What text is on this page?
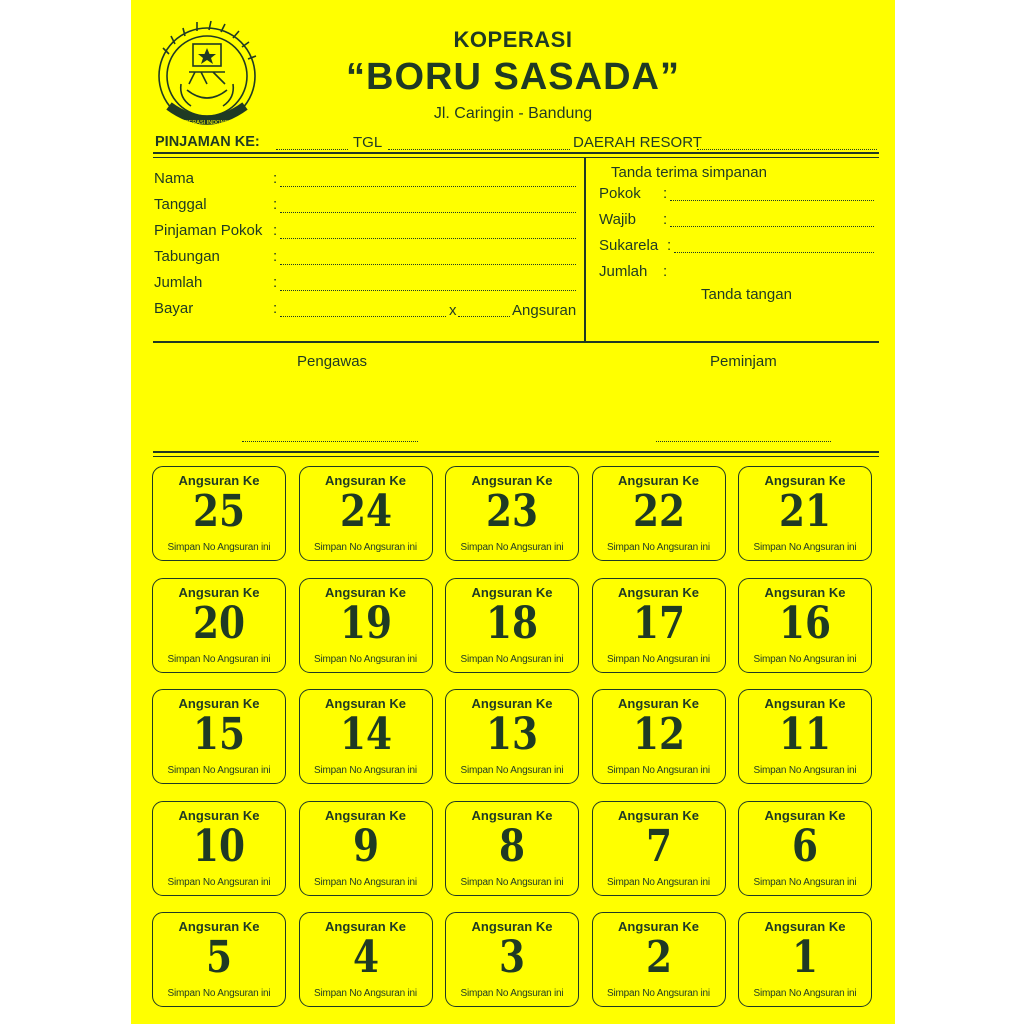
KOPERASI INDONESIA
KOPERASI
“BORU SASADA”
Jl. Caringin - Bandung
PINJAMAN KE:	TGL	DAERAH RESORT
Nama	:
Tanggal	:
Pinjaman Pokok :
Tabungan	:
Jumlah	:
Bayar	:	x	Angsuran
Tanda terima simpanan
Pokok :
Wajib :
Sukarela :
Jumlah :
Tanda tangan
Pengawas	Peminjam
Angsuran Ke
25
Simpan No Angsuran ini
Angsuran Ke
24
Simpan No Angsuran ini
Angsuran Ke
23
Simpan No Angsuran ini
Angsuran Ke
22
Simpan No Angsuran ini
Angsuran Ke
21
Simpan No Angsuran ini
Angsuran Ke
20
Simpan No Angsuran ini
Angsuran Ke
19
Simpan No Angsuran ini
Angsuran Ke
18
Simpan No Angsuran ini
Angsuran Ke
17
Simpan No Angsuran ini
Angsuran Ke
16
Simpan No Angsuran ini
Angsuran Ke
15
Simpan No Angsuran ini
Angsuran Ke
14
Simpan No Angsuran ini
Angsuran Ke
13
Simpan No Angsuran ini
Angsuran Ke
12
Simpan No Angsuran ini
Angsuran Ke
11
Simpan No Angsuran ini
Angsuran Ke
10
Simpan No Angsuran ini
Angsuran Ke
9
Simpan No Angsuran ini
Angsuran Ke
8
Simpan No Angsuran ini
Angsuran Ke
7
Simpan No Angsuran ini
Angsuran Ke
6
Simpan No Angsuran ini
Angsuran Ke
5
Simpan No Angsuran ini
Angsuran Ke
4
Simpan No Angsuran ini
Angsuran Ke
3
Simpan No Angsuran ini
Angsuran Ke
2
Simpan No Angsuran ini
Angsuran Ke
1
Simpan No Angsuran ini
